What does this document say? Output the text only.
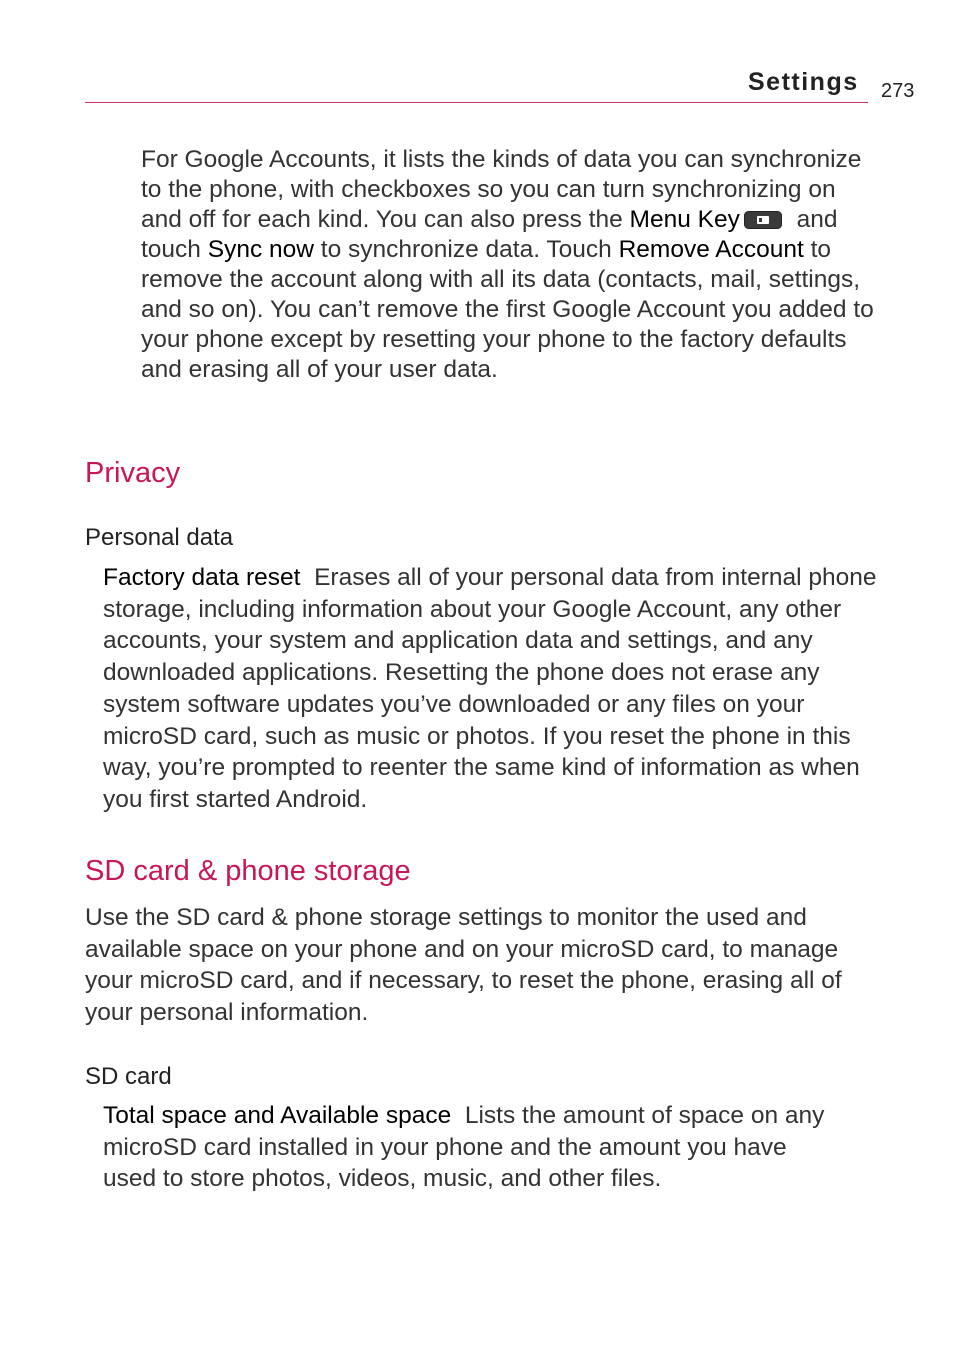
Settings 273

For Google Accounts, it lists the kinds of data you can synchronize to the phone, with checkboxes so you can turn synchronizing on and off for each kind. You can also press the Menu Key and touch Sync now to synchronize data. Touch Remove Account to remove the account along with all its data (contacts, mail, settings, and so on). You can’t remove the first Google Account you added to your phone except by resetting your phone to the factory defaults and erasing all of your user data.

Privacy
Personal data

Factory data reset  Erases all of your personal data from internal phone storage, including information about your Google Account, any other accounts, your system and application data and settings, and any downloaded applications. Resetting the phone does not erase any system software updates you’ve downloaded or any files on your microSD card, such as music or photos. If you reset the phone in this way, you’re prompted to reenter the same kind of information as when you first started Android.

SD card & phone storage

Use the SD card & phone storage settings to monitor the used and available space on your phone and on your microSD card, to manage your microSD card, and if necessary, to reset the phone, erasing all of your personal information.

SD card

Total space and Available space  Lists the amount of space on any microSD card installed in your phone and the amount you have used to store photos, videos, music, and other files.
